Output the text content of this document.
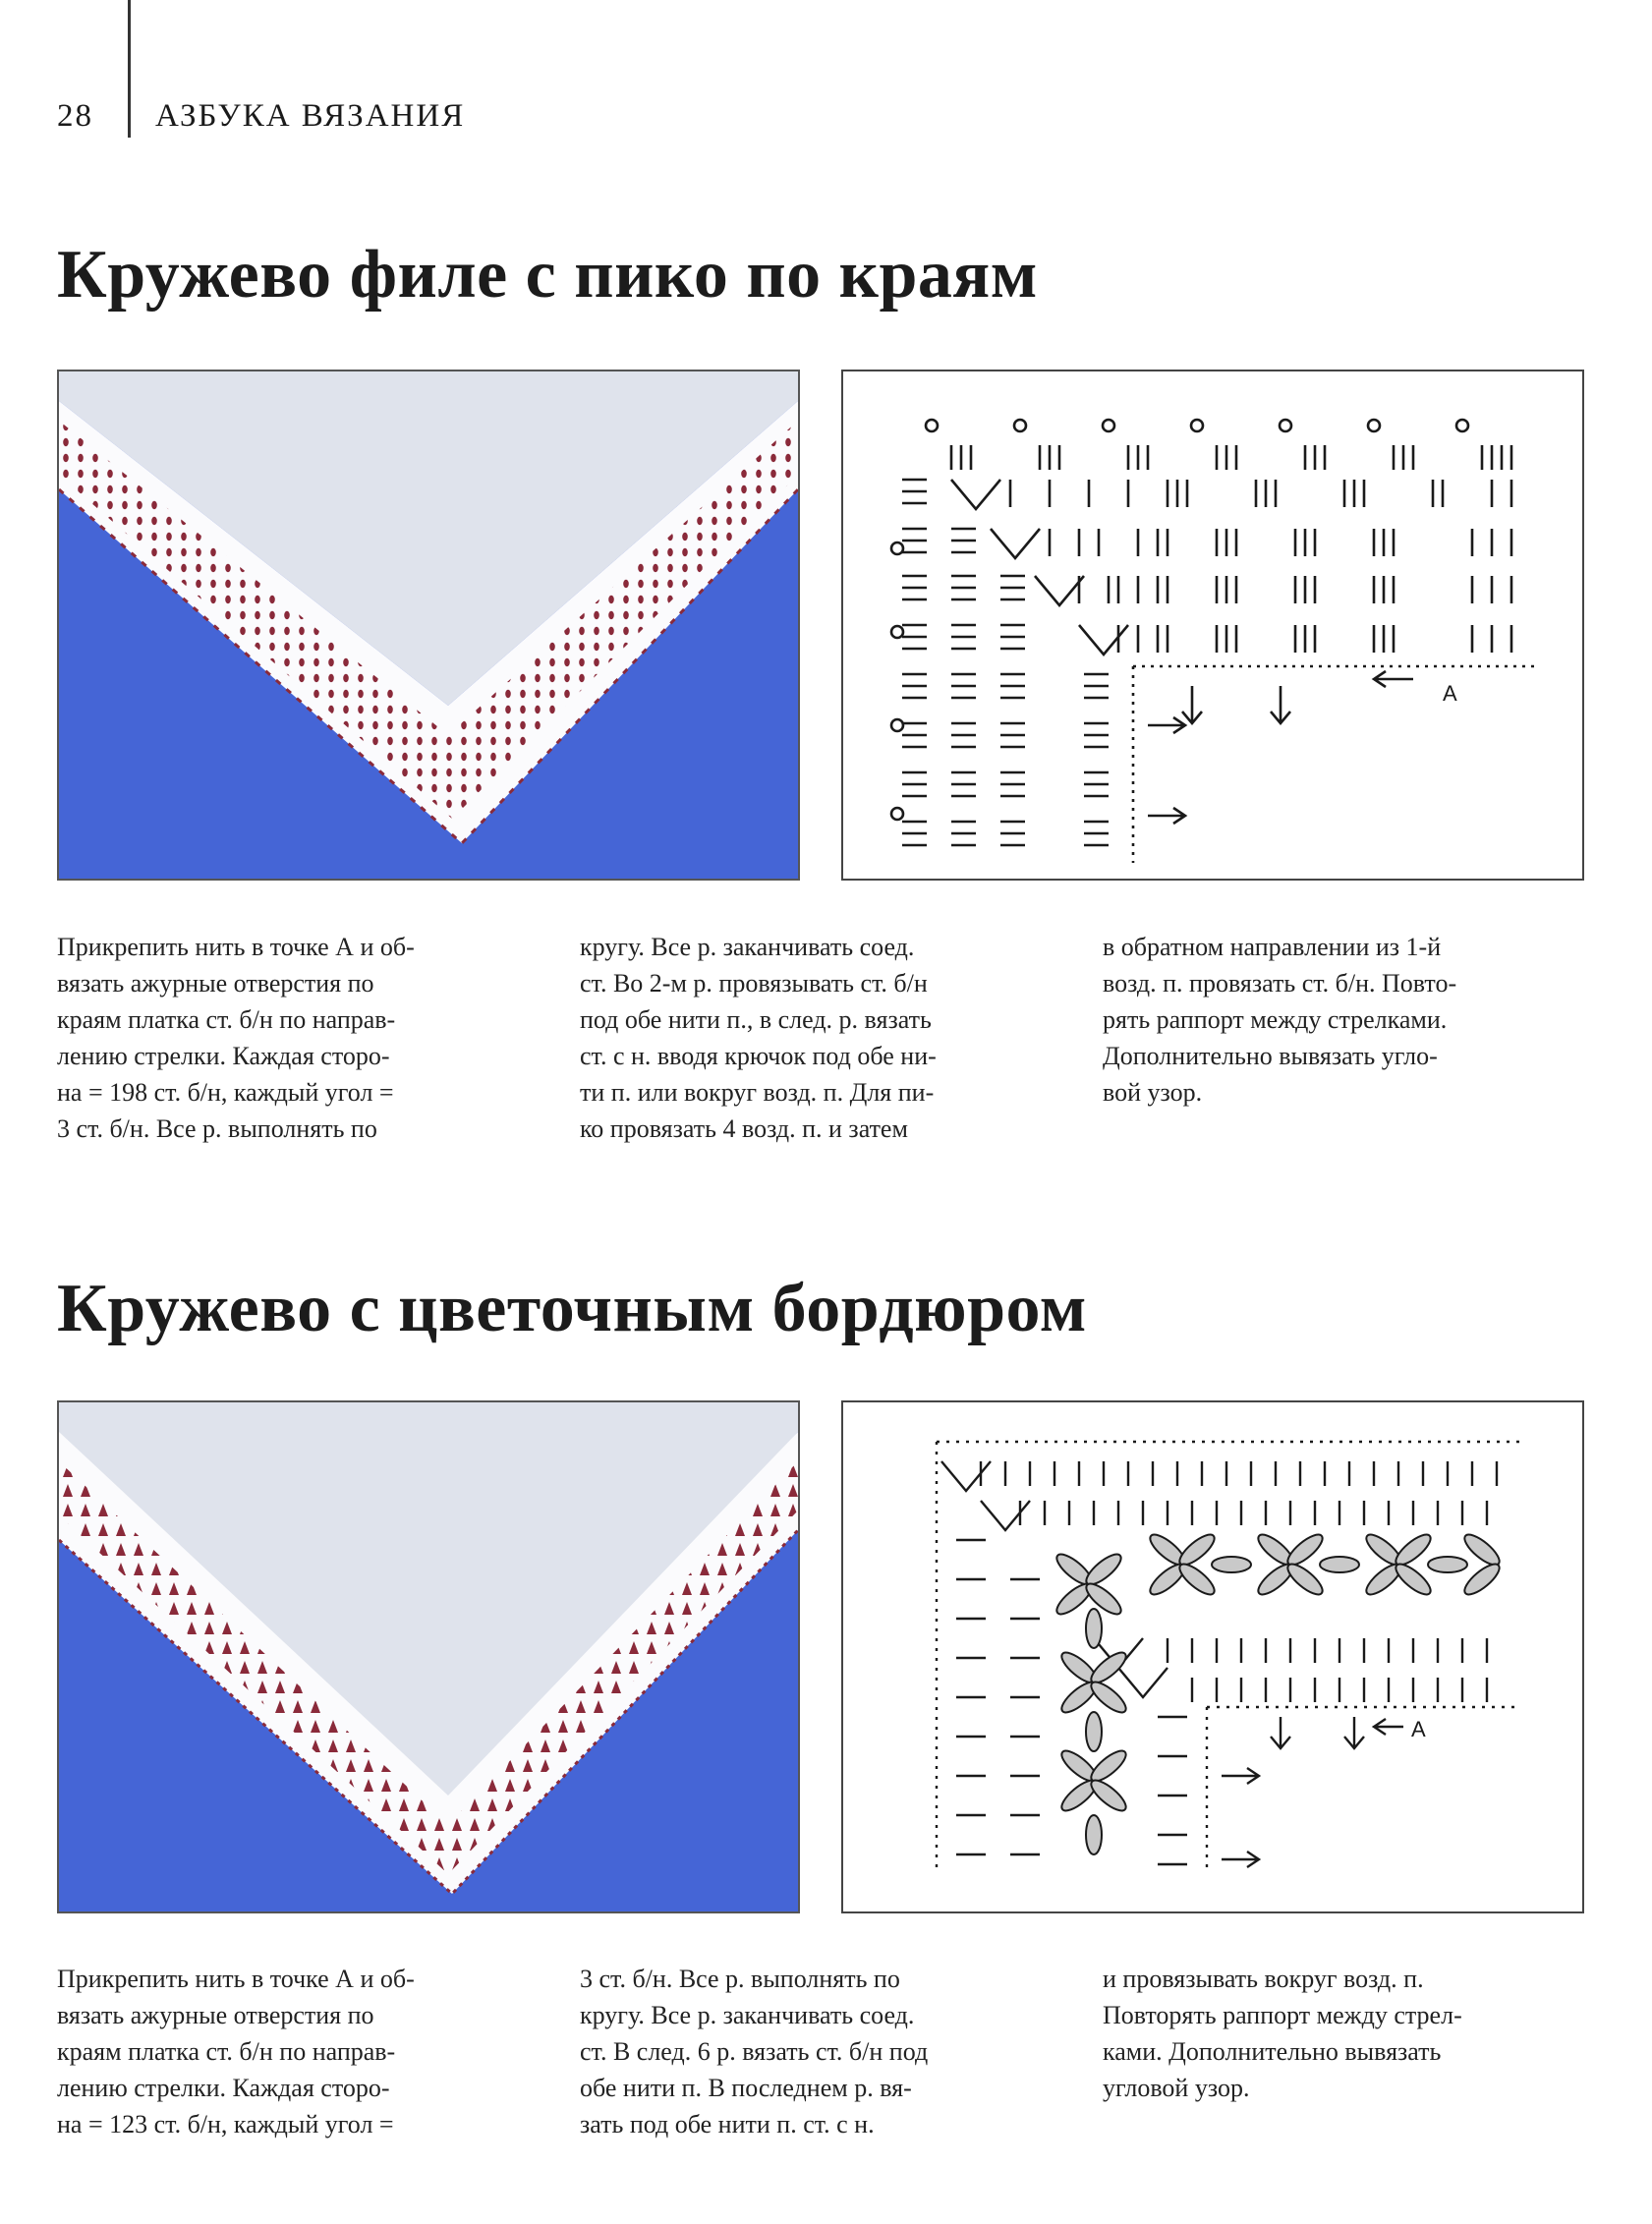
28 АЗБУКА ВЯЗАНИЯ
Кружево филе с пико по краям
A
Прикрепить нить в точке А и об-
вязать ажурные отверстия по
краям платка ст. б/н по направ-
лению стрелки. Каждая сторо-
на = 198 ст. б/н, каждый угол =
3 ст. б/н. Все р. выполнять по
кругу. Все р. заканчивать соед.
ст. Во 2-м р. провязывать ст. б/н
под обе нити п., в след. р. вязать
ст. с н. вводя крючок под обе ни-
ти п. или вокруг возд. п. Для пи-
ко провязать 4 возд. п. и затем
в обратном направлении из 1-й
возд. п. провязать ст. б/н. Повто-
рять раппорт между стрелками.
Дополнительно вывязать угло-
вой узор.
Кружево с цветочным бордюром
A
Прикрепить нить в точке А и об-
вязать ажурные отверстия по
краям платка ст. б/н по направ-
лению стрелки. Каждая сторо-
на = 123 ст. б/н, каждый угол =
3 ст. б/н. Все р. выполнять по
кругу. Все р. заканчивать соед.
ст. В след. 6 р. вязать ст. б/н под
обе нити п. В последнем р. вя-
зать под обе нити п. ст. с н.
и провязывать вокруг возд. п.
Повторять раппорт между стрел-
ками. Дополнительно вывязать
угловой узор.
